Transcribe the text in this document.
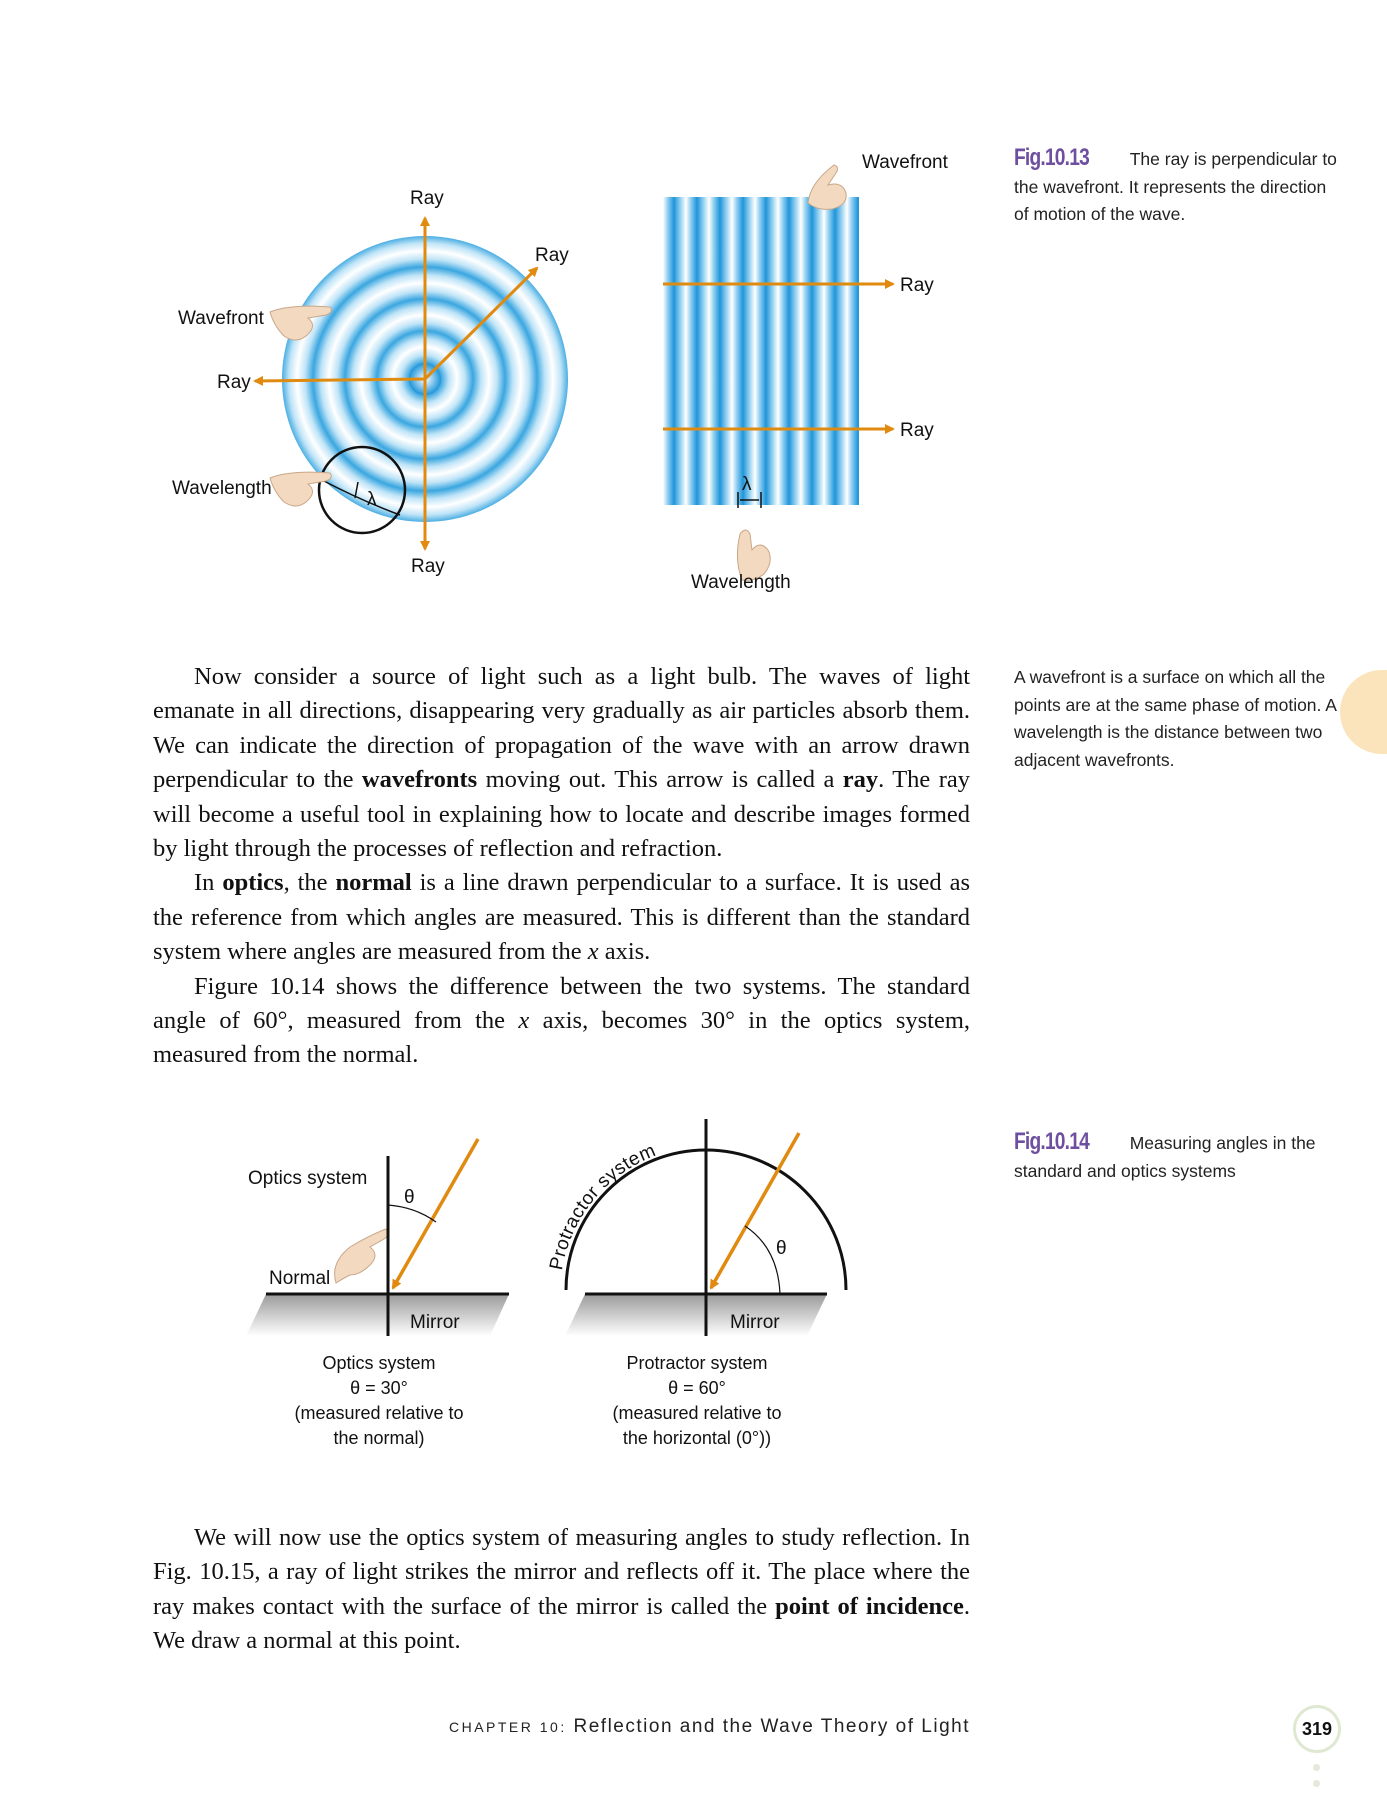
λ
λ
Ray
Ray
Ray
Ray
Wavefront
Wavelength
Wavefront
Ray
Ray
Wavelength
θ
Optics system
Normal
Mirror
θ
Protractor system
Mirror
Fig.10.13 The ray is perpendicular to the wavefront. It represents the direction of motion of the wave.
A wavefront is a surface on which all the points are at the same phase of motion. A wavelength is the distance between two adjacent wavefronts.

Now consider a source of light such as a light bulb. The waves of light emanate in all directions, disappearing very gradually as air particles absorb them. We can indicate the direction of propagation of the wave with an arrow drawn perpendicular to the wavefronts moving out. This arrow is called a ray. The ray will become a useful tool in explaining how to locate and describe images formed by light through the processes of reflection and refraction.

In optics, the normal is a line drawn perpendicular to a surface. It is used as the reference from which angles are measured. This is different than the standard system where angles are measured from the x axis.

Figure 10.14 shows the difference between the two systems. The standard angle of 60°, measured from the x axis, becomes 30° in the optics system, measured from the normal.

Fig.10.14 Measuring angles in the standard and optics systems
Optics system
θ = 30°
(measured relative to
the normal)
Protractor system
θ = 60°
(measured relative to
the horizontal (0°))

We will now use the optics system of measuring angles to study reflection. In Fig. 10.15, a ray of light strikes the mirror and reflects off it. The place where the ray makes contact with the surface of the mirror is called the point of incidence. We draw a normal at this point.

CHAPTER 10: Reflection and the Wave Theory of Light	319
